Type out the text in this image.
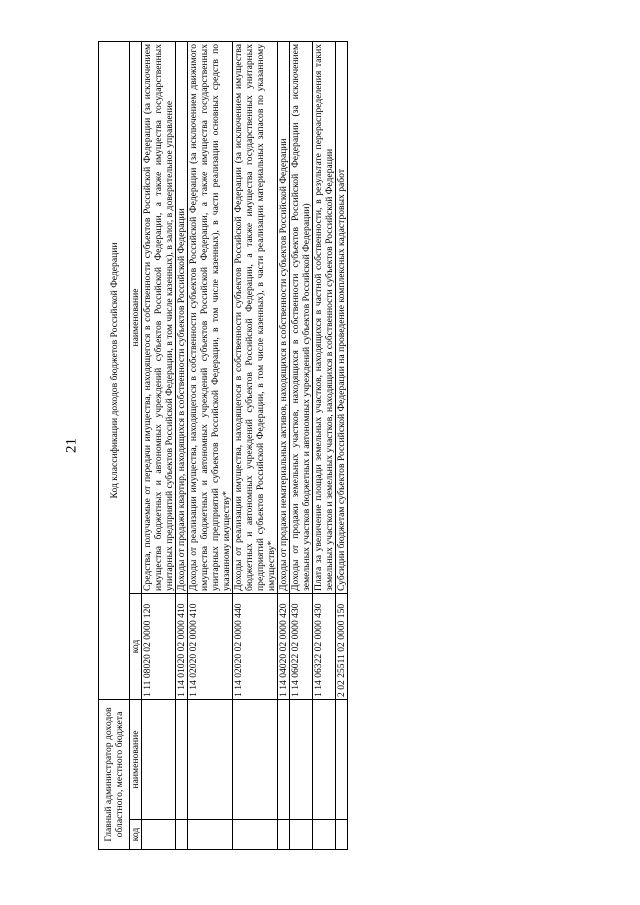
21
Главный администратор доходов областного, местного бюджета		Код классификации доходов бюджетов Российской Федерации	
код	наименование	код	наименование
		1 11 08020 02 0000 120	Средства, получаемые от передачи имущества, находящегося в собственности субъектов Российской Федерации (за исключением имущества бюджетных и автономных учреждений субъектов Российской Федерации, а также имущества государственных унитарных предприятий субъектов Российской Федерации, в том числе казенных), в залог, в доверительное управление
		1 14 01020 02 0000 410	Доходы от продажи квартир, находящихся в собственности субъектов Российской Федерации
		1 14 02020 02 0000 410	Доходы от реализации имущества, находящегося в собственности субъектов Российской Федерации (за исключением движимого имущества бюджетных и автономных учреждений субъектов Российской Федерации, а также имущества государственных унитарных предприятий субъектов Российской Федерации, в том числе казенных), в части реализации основных средств по указанному имуществу*
		1 14 02020 02 0000 440	Доходы от реализации имущества, находящегося в собственности субъектов Российской Федерации (за исключением имущества бюджетных и автономных учреждений субъектов Российской Федерации, а также имущества государственных унитарных предприятий субъектов Российской Федерации, в том числе казенных), в части реализации материальных запасов по указанному имуществу*
		1 14 04020 02 0000 420	Доходы от продажи нематериальных активов, находящихся в собственности субъектов Российской Федерации
		1 14 06022 02 0000 430	Доходы от продажи земельных участков, находящихся в собственности субъектов Российской Федерации (за исключением земельных участков бюджетных и автономных учреждений субъектов Российской Федерации)
		1 14 06322 02 0000 430	Плата за увеличение площади земельных участков, находящихся в частной собственности, в результате перераспределения таких земельных участков и земельных участков, находящихся в собственности субъектов Российской Федерации
		2 02 25511 02 0000 150	Субсидии бюджетам субъектов Российской Федерации на проведение комплексных кадастровых работ
